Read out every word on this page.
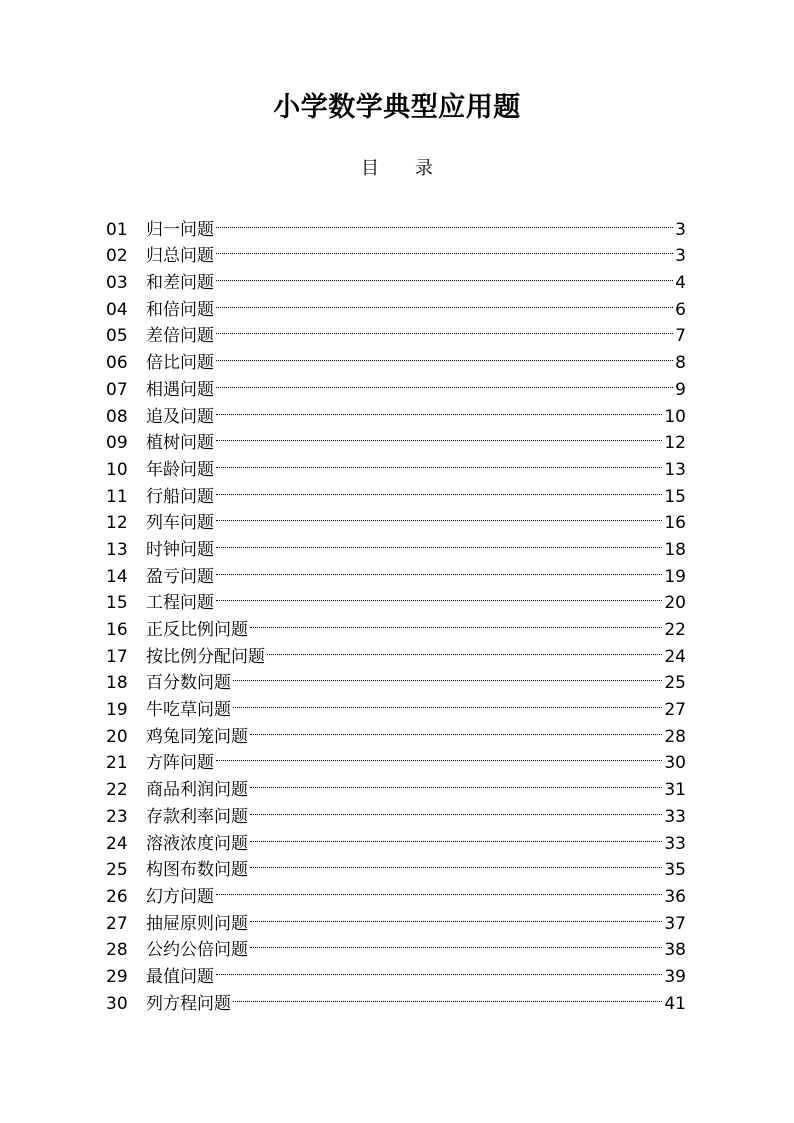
小学数学典型应用题
目 录
01	归一问题	3
02	归总问题	3
03	和差问题	4
04	和倍问题	6
05	差倍问题	7
06	倍比问题	8
07	相遇问题	9
08	追及问题	10
09	植树问题	12
10	年龄问题	13
11	行船问题	15
12	列车问题	16
13	时钟问题	18
14	盈亏问题	19
15	工程问题	20
16	正反比例问题	22
17	按比例分配问题	24
18	百分数问题	25
19	牛吃草问题	27
20	鸡兔同笼问题	28
21	方阵问题	30
22	商品利润问题	31
23	存款利率问题	33
24	溶液浓度问题	33
25	构图布数问题	35
26	幻方问题	36
27	抽屉原则问题	37
28	公约公倍问题	38
29	最值问题	39
30	列方程问题	41
